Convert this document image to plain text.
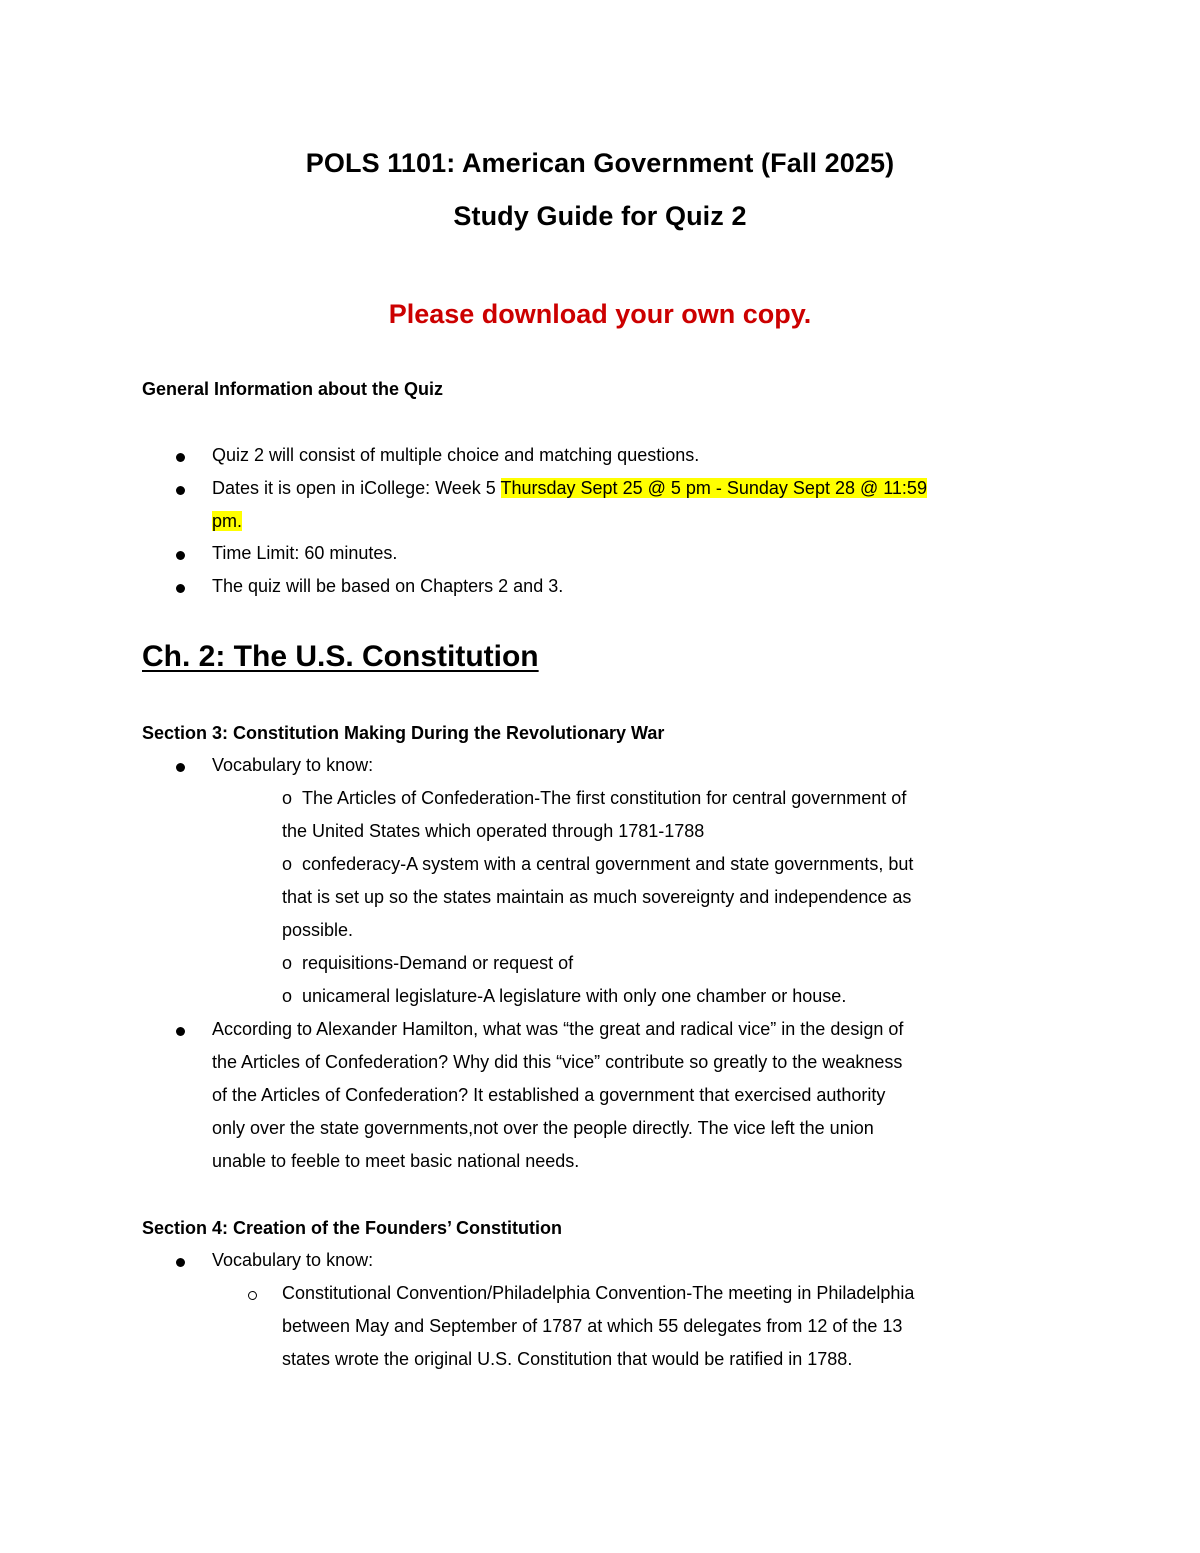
POLS 1101: American Government (Fall 2025)
Study Guide for Quiz 2
Please download your own copy.
General Information about the Quiz
Quiz 2 will consist of multiple choice and matching questions.
Dates it is open in iCollege: Week 5 Thursday Sept 25 @ 5 pm - Sunday Sept 28 @ 11:59
pm.
Time Limit: 60 minutes.
The quiz will be based on Chapters 2 and 3.
Ch. 2: The U.S. Constitution
Section 3: Constitution Making During the Revolutionary War
Vocabulary to know:
o The Articles of Confederation-The first constitution for central government of
the United States which operated through 1781-1788
o confederacy-A system with a central government and state governments, but
that is set up so the states maintain as much sovereignty and independence as
possible.
o requisitions-Demand or request of
o unicameral legislature-A legislature with only one chamber or house.
According to Alexander Hamilton, what was “the great and radical vice” in the design of
the Articles of Confederation? Why did this “vice” contribute so greatly to the weakness
of the Articles of Confederation? It established a government that exercised authority
only over the state governments,not over the people directly. The vice left the union
unable to feeble to meet basic national needs.
Section 4: Creation of the Founders’ Constitution
Vocabulary to know:
Constitutional Convention/Philadelphia Convention-The meeting in Philadelphia
between May and September of 1787 at which 55 delegates from 12 of the 13
states wrote the original U.S. Constitution that would be ratified in 1788.
